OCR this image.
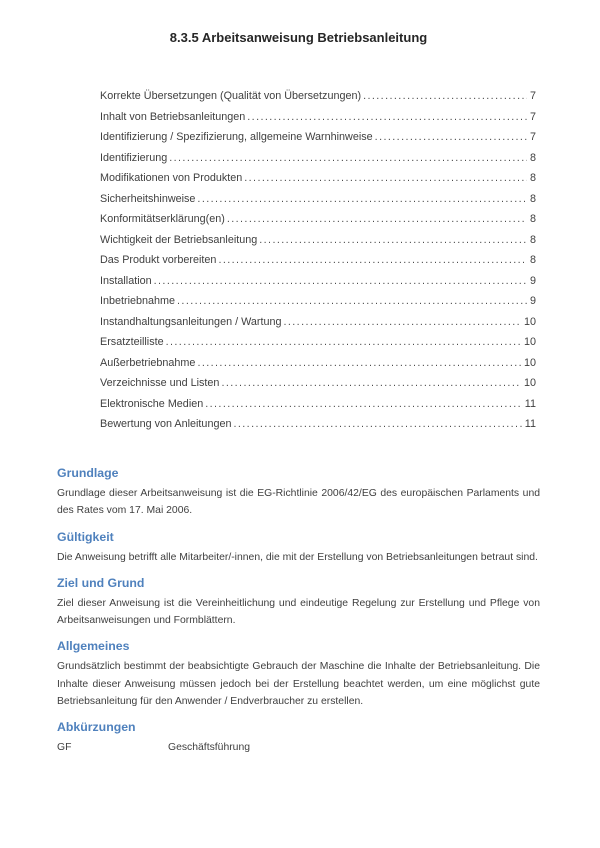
8.3.5 Arbeitsanweisung Betriebsanleitung
Korrekte Übersetzungen (Qualität von Übersetzungen) .....	7
Inhalt von Betriebsanleitungen .....	7
Identifizierung / Spezifizierung, allgemeine Warnhinweise .....	7
Identifizierung .....	8
Modifikationen von Produkten .....	8
Sicherheitshinweise .....	8
Konformitätserklärung(en) .....	8
Wichtigkeit der Betriebsanleitung .....	8
Das Produkt vorbereiten .....	8
Installation .....	9
Inbetriebnahme .....	9
Instandhaltungsanleitungen / Wartung .....	10
Ersatzteilliste .....	10
Außerbetriebnahme .....	10
Verzeichnisse und Listen .....	10
Elektronische Medien .....	11
Bewertung von Anleitungen .....	11
Grundlage

Grundlage dieser Arbeitsanweisung ist die EG-Richtlinie 2006/42/EG des europäischen Parlaments und des Rates vom 17. Mai 2006.

Gültigkeit

Die Anweisung betrifft alle Mitarbeiter/-innen, die mit der Erstellung von Betriebsanleitungen betraut sind.

Ziel und Grund

Ziel dieser Anweisung ist die Vereinheitlichung und eindeutige Regelung zur Erstellung und Pflege von Arbeitsanweisungen und Formblättern.

Allgemeines

Grundsätzlich bestimmt der beabsichtigte Gebrauch der Maschine die Inhalte der Betriebsanleitung. Die Inhalte dieser Anweisung müssen jedoch bei der Erstellung beachtet werden, um eine möglichst gute Betriebsanleitung für den Anwender / Endverbraucher zu erstellen.

Abkürzungen
GF	Geschäftsführung
